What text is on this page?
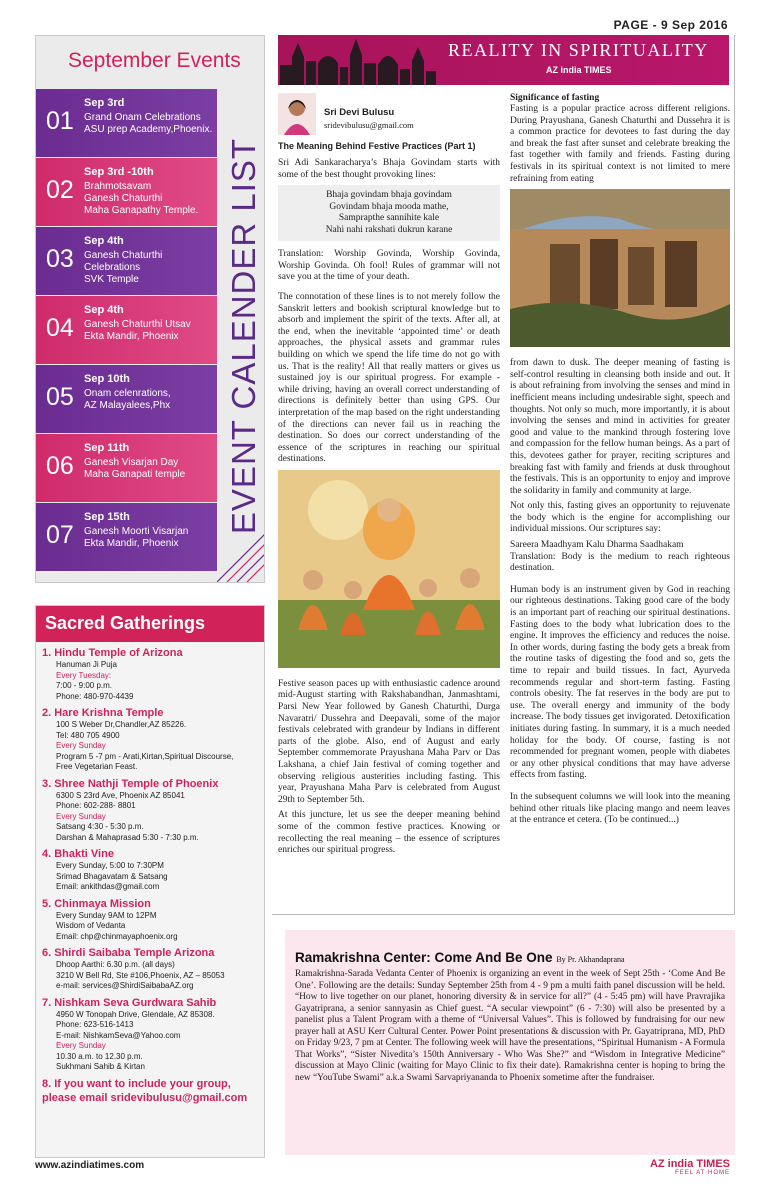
PAGE - 9 Sep 2016
September Events
01
Sep 3rd
Grand Onam Celebrations
ASU prep Academy,Phoenix.
02
Sep 3rd -10th
Brahmotsavam
Ganesh Chaturthi
Maha Ganapathy Temple.
03
Sep 4th
Ganesh Chaturthi
Celebrations
SVK Temple
04
Sep 4th
Ganesh Chaturthi Utsav
Ekta Mandir, Phoenix
05
Sep 10th
Onam celenrations,
AZ Malayalees,Phx
06
Sep 11th
Ganesh Visarjan Day
Maha Ganapati temple
07
Sep 15th
Ganesh Moorti Visarjan
Ekta Mandir, Phoenix
EVENT CALENDER LIST
Sacred Gatherings
1. Hindu Temple of Arizona
Hanuman Ji Puja
Every Tuesday:
7:00 - 9:00 p.m.
Phone: 480-970-4439
2. Hare Krishna Temple
100 S Weber Dr,Chandler,AZ 85226.
Tel: 480 705 4900
Every Sunday
Program 5 -7 pm - Arati,Kirtan,Spiritual Discourse,
Free Vegetarian Feast.
3. Shree Nathji Temple of Phoenix
6300 S 23rd Ave, Phoenix AZ 85041
Phone: 602-288- 8801
Every Sunday
Satsang 4:30 - 5:30 p.m.
Darshan & Mahaprasad 5:30 - 7:30 p.m.
4. Bhakti Vine
Every Sunday, 5:00 to 7:30PM
Srimad Bhagavatam & Satsang
Email: ankithdas@gmail.com
5. Chinmaya Mission
Every Sunday 9AM to 12PM
Wisdom of Vedanta
Email: chp@chinmayaphoenix.org
6. Shirdi Saibaba Temple Arizona
Dhoop Aarthi: 6.30 p.m. (all days)
3210 W Bell Rd, Ste #106,Phoenix, AZ – 85053
e-mail: services@ShirdiSaibabaAZ.org
7. Nishkam Seva Gurdwara Sahib
4950 W Tonopah Drive, Glendale, AZ 85308.
Phone: 623-516-1413
E-mail: NishkamSeva@Yahoo.com
Every Sunday
10.30 a.m. to 12.30 p.m.
Sukhmani Sahib & Kirtan
8. If you want to include your group, please email sridevibulusu@gmail.com
REALITY IN SPIRITUALITY
AZ india TIMES
Sri Devi Bulusu
sridevibulusu@gmail.com
The Meaning Behind Festive Practices (Part 1)
Sri Adi Sankaracharya’s Bhaja Govindam starts with some of the best thought provoking lines:
Bhaja govindam bhaja govindam
Govindam bhaja mooda mathe,
Samprapthe sannihite kale
Nahi nahi rakshati dukrun karane
Translation: Worship Govinda, Worship Govinda, Worship Govinda. Oh fool! Rules of grammar will not save you at the time of your death.
The connotation of these lines is to not merely follow the Sanskrit letters and bookish scriptural knowledge but to absorb and implement the spirit of the texts. After all, at the end, when the inevitable ‘appointed time’ or death approaches, the physical assets and grammar rules building on which we spend the life time do not go with us. That is the reality! All that really matters or gives us sustained joy is our spiritual progress. For example - while driving, having an overall correct understanding of directions is definitely better than using GPS. Our interpretation of the map based on the right understanding of the directions can never fail us in reaching the destination. So does our correct understanding of the essence of the scriptures in reaching our spiritual destinations.
Festive season paces up with enthusiastic cadence around mid-August starting with Rakshabandhan, Janmashtami, Parsi New Year followed by Ganesh Chaturthi, Durga Navaratri/ Dussehra and Deepavali, some of the major festivals celebrated with grandeur by Indians in different parts of the globe. Also, end of August and early September commemorate Prayushana Maha Parv or Das Lakshana, a chief Jain festival of coming together and observing religious austerities including fasting. This year, Prayushana Maha Parv is celebrated from August 29th to September 5th.
At this juncture, let us see the deeper meaning behind some of the common festive practices. Knowing or recollecting the real meaning – the essence of scriptures enriches our spiritual progress.
Significance of fasting
Fasting is a popular practice across different religions. During Prayushana, Ganesh Chaturthi and Dussehra it is a common practice for devotees to fast during the day and break the fast after sunset and celebrate breaking the fast together with family and friends. Fasting during festivals in its spiritual context is not limited to mere refraining from eating
from dawn to dusk. The deeper meaning of fasting is self-control resulting in cleansing both inside and out. It is about refraining from involving the senses and mind in inefficient means including undesirable sight, speech and thoughts. Not only so much, more importantly, it is about involving the senses and mind in activities for greater good and value to the mankind through fostering love and compassion for the fellow human beings. As a part of this, devotees gather for prayer, reciting scriptures and breaking fast with family and friends at dusk throughout the festivals. This is an opportunity to enjoy and improve the solidarity in family and community at large.
Not only this, fasting gives an opportunity to rejuvenate the body which is the engine for accomplishing our individual missions. Our scriptures say:
Sareera Maadhyam Kalu Dharma Saadhakam
Translation: Body is the medium to reach righteous destination.
Human body is an instrument given by God in reaching our righteous destinations. Taking good care of the body is an important part of reaching our spiritual destinations. Fasting does to the body what lubrication does to the engine. It improves the efficiency and reduces the noise. In other words, during fasting the body gets a break from the routine tasks of digesting the food and so, gets the time to repair and build tissues. In fact, Ayurveda recommends regular and short-term fasting. Fasting controls obesity. The fat reserves in the body are put to use. The overall energy and immunity of the body increase. The body tissues get invigorated. Detoxification initiates during fasting. In summary, it is a much needed holiday for the body. Of course, fasting is not recommended for pregnant women, people with diabetes or any other physical conditions that may have adverse effects from fasting.
In the subsequent columns we will look into the meaning behind other rituals like placing mango and neem leaves at the entrance et cetera. (To be continued...)
Ramakrishna Center: Come And Be One By Pr. Akhandaprana
Ramakrishna-Sarada Vedanta Center of Phoenix is organizing an event in the week of Sept 25th - ‘Come And Be One’. Following are the details: Sunday September 25th from 4 - 9 pm a multi faith panel discussion will be held. “How to live together on our planet, honoring diversity & in service for all?” (4 - 5:45 pm) will have Pravrajika Gayatriprana, a senior sannyasin as Chief guest. “A secular viewpoint” (6 - 7:30) will also be presented by a panelist plus a Talent Program with a theme of “Universal Values”. This is followed by fundraising for our new prayer hall at ASU Kerr Cultural Center. Power Point presentations & discussion with Pr. Gayatriprana, MD, PhD on Friday 9/23, 7 pm at Center. The following week will have the presentations, “Spiritual Humanism - A Formula That Works”, “Sister Nivedita’s 150th Anniversary - Who Was She?” and “Wisdom in Integrative Medicine” discussion at Mayo Clinic (waiting for Mayo Clinic to fix their date). Ramakrishna center is hoping to bring the new “YouTube Swami” a.k.a Swami Sarvapriyananda to Phoenix sometime after the fundraiser.
www.azindiatimes.com	AZ india TIMES
FEEL AT HOME
